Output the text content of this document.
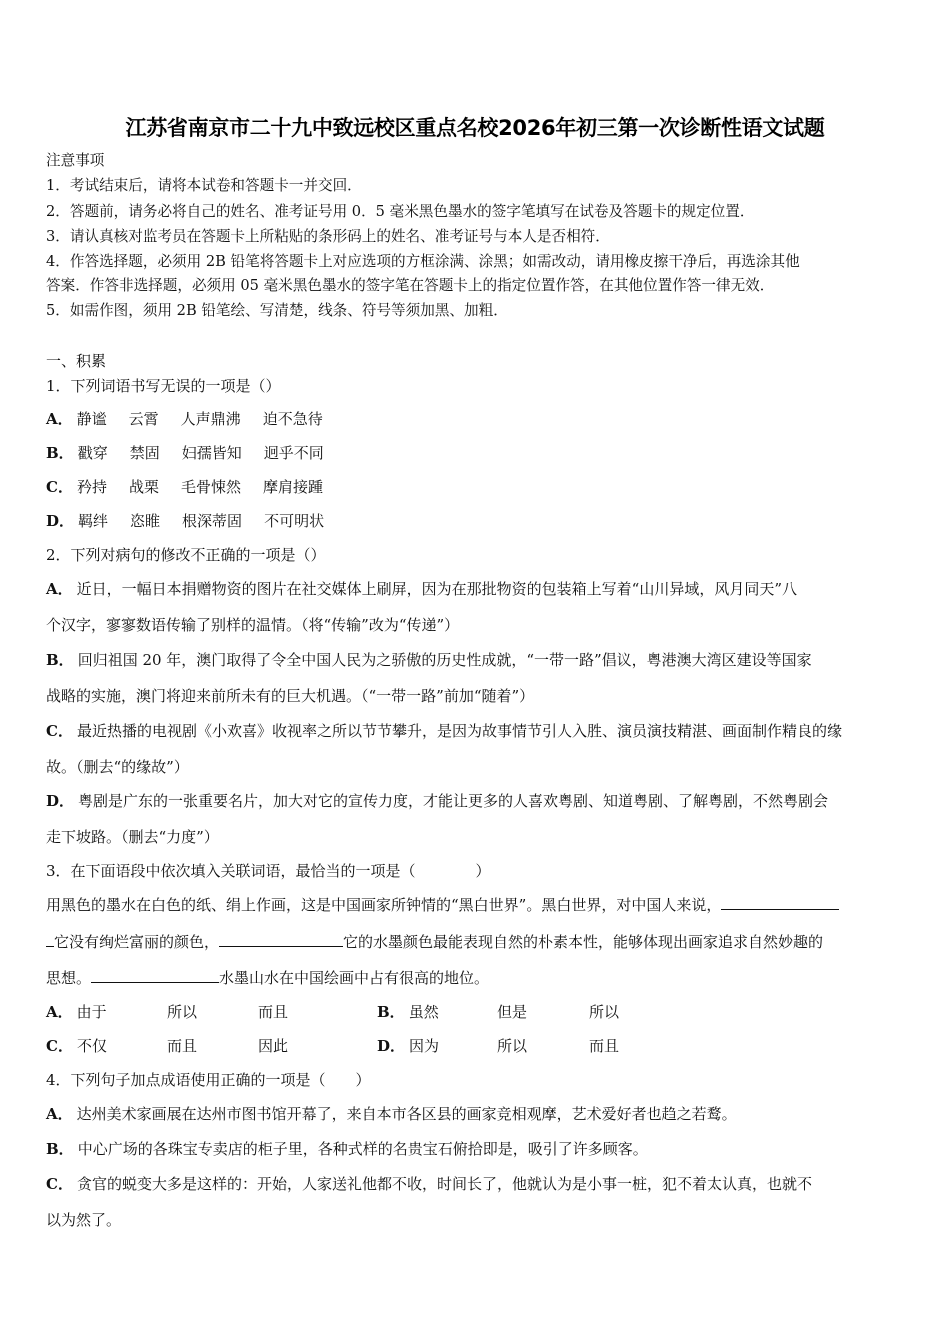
江苏省南京市二十九中致远校区重点名校2026年初三第一次诊断性语文试题
注意事项
1．考试结束后，请将本试卷和答题卡一并交回．
2．答题前，请务必将自己的姓名、准考证号用 0．5 毫米黑色墨水的签字笔填写在试卷及答题卡的规定位置．
3．请认真核对监考员在答题卡上所粘贴的条形码上的姓名、准考证号与本人是否相符．
4．作答选择题，必须用 2B 铅笔将答题卡上对应选项的方框涂满、涂黑；如需改动，请用橡皮擦干净后，再选涂其他
答案．作答非选择题，必须用 05 毫米黑色墨水的签字笔在答题卡上的指定位置作答，在其他位置作答一律无效．
5．如需作图，须用 2B 铅笔绘、写清楚，线条、符号等须加黑、加粗．
一、积累
1．下列词语书写无误的一项是（）
A． 静谧 云霄 人声鼎沸 迫不急待
B． 戳穿 禁固 妇孺皆知 迥乎不同
C． 矜持 战栗 毛骨悚然 摩肩接踵
D． 羁绊 恣睢 根深蒂固 不可明状
2．下列对病句的修改不正确的一项是（）
A． 近日，一幅日本捐赠物资的图片在社交媒体上刷屏，因为在那批物资的包装箱上写着“山川异域，风月同天”八
个汉字，寥寥数语传输了别样的温情。（将“传输”改为“传递”）
B． 回归祖国 20 年，澳门取得了令全中国人民为之骄傲的历史性成就，“一带一路”倡议，粤港澳大湾区建设等国家
战略的实施，澳门将迎来前所未有的巨大机遇。（“一带一路”前加“随着”）
C． 最近热播的电视剧《小欢喜》收视率之所以节节攀升，是因为故事情节引人入胜、演员演技精湛、画面制作精良的缘
故。（删去“的缘故”）
D． 粤剧是广东的一张重要名片，加大对它的宣传力度，才能让更多的人喜欢粤剧、知道粤剧、了解粤剧，不然粤剧会
走下坡路。（删去“力度”）
3．在下面语段中依次填入关联词语，最恰当的一项是（　　　　）
用黑色的墨水在白色的纸、绢上作画，这是中国画家所钟情的“黑白世界”。黑白世界，对中国人来说，
它没有绚烂富丽的颜色，	它的水墨颜色最能表现自然的朴素本性，能够体现出画家追求自然妙趣的
思想。	水墨山水在中国绘画中占有很高的地位。
A． 由于	所以	而且	B． 虽然	但是	所以
C． 不仅	而且	因此	D． 因为	所以	而且
4．下列句子加点成语使用正确的一项是（　　）
A． 达州美术家画展在达州市图书馆开幕了，来自本市各区县的画家竞相观摩，艺术爱好者也趋之若鹜。
B． 中心广场的各珠宝专卖店的柜子里，各种式样的名贵宝石俯拾即是，吸引了许多顾客。
C． 贪官的蜕变大多是这样的：开始，人家送礼他都不收，时间长了，他就认为是小事一桩，犯不着太认真，也就不
以为然了。
